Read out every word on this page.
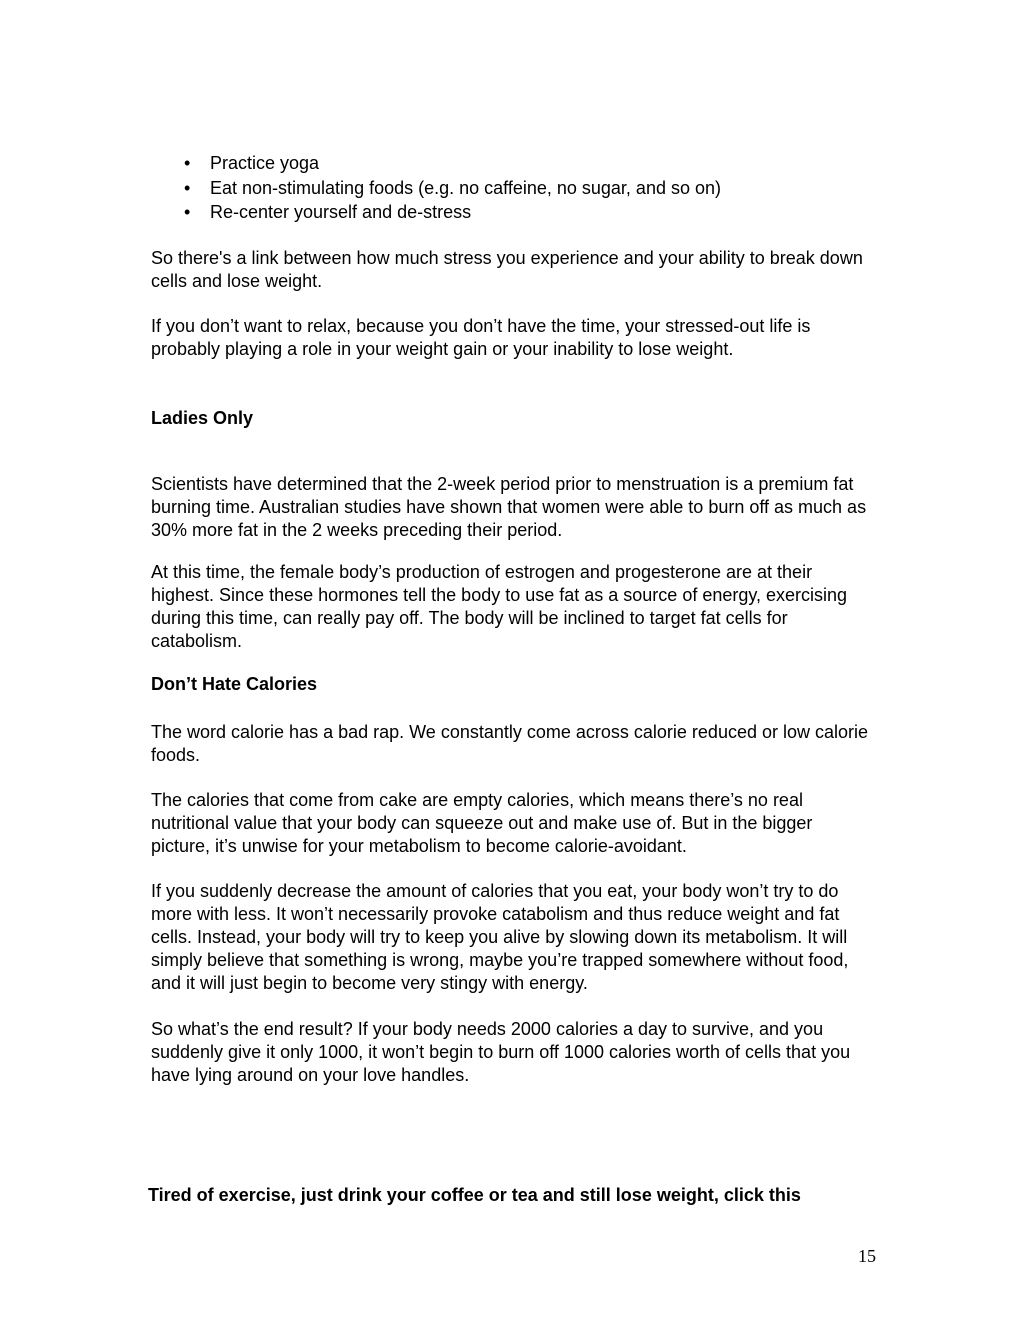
• Practice yoga
• Eat non-stimulating foods (e.g. no caffeine, no sugar, and so on)
• Re-center yourself and de-stress

So there's a link between how much stress you experience and your ability to break down cells and lose weight.

If you don’t want to relax, because you don’t have the time, your stressed-out life is probably playing a role in your weight gain or your inability to lose weight.

Ladies Only

Scientists have determined that the 2-week period prior to menstruation is a premium fat burning time. Australian studies have shown that women were able to burn off as much as 30% more fat in the 2 weeks preceding their period.

At this time, the female body’s production of estrogen and progesterone are at their highest. Since these hormones tell the body to use fat as a source of energy, exercising during this time, can really pay off. The body will be inclined to target fat cells for catabolism.

Don’t Hate Calories

The word calorie has a bad rap. We constantly come across calorie reduced or low calorie foods.

The calories that come from cake are empty calories, which means there’s no real nutritional value that your body can squeeze out and make use of. But in the bigger picture, it’s unwise for your metabolism to become calorie-avoidant.

If you suddenly decrease the amount of calories that you eat, your body won’t try to do more with less. It won’t necessarily provoke catabolism and thus reduce weight and fat cells. Instead, your body will try to keep you alive by slowing down its metabolism. It will simply believe that something is wrong, maybe you’re trapped somewhere without food, and it will just begin to become very stingy with energy.

So what’s the end result? If your body needs 2000 calories a day to survive, and you suddenly give it only 1000, it won’t begin to burn off 1000 calories worth of cells that you have lying around on your love handles.

Tired of exercise, just drink your coffee or tea and still lose weight, click this
15
